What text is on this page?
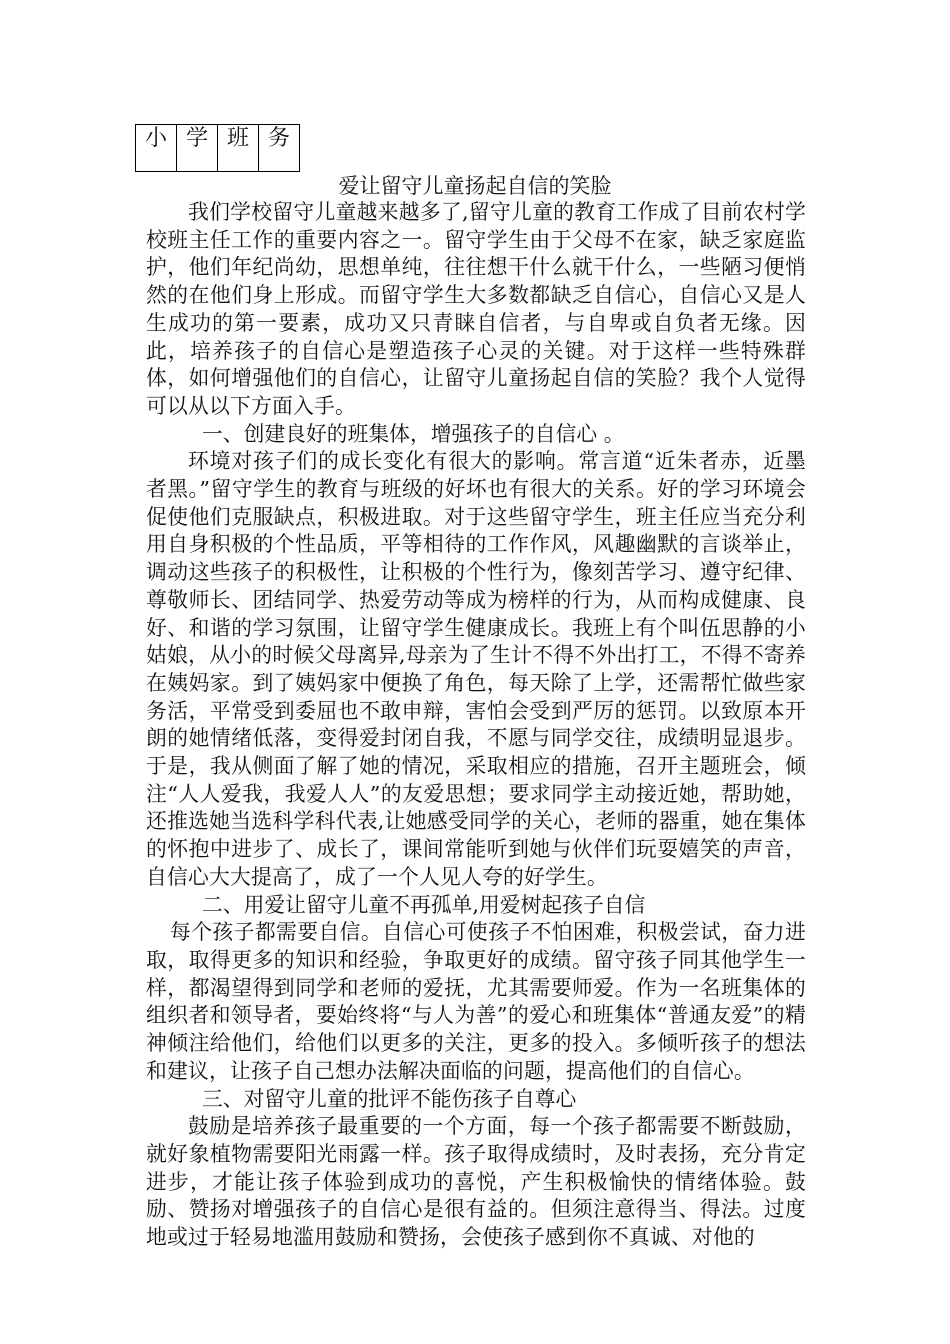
小	学	班	务
爱让留守儿童扬起自信的笑脸

我们学校留守儿童越来越多了,留守儿童的教育工作成了目前农村学校班主任工作的重要内容之一。留守学生由于父母不在家，缺乏家庭监护，他们年纪尚幼，思想单纯，往往想干什么就干什么，一些陋习便悄然的在他们身上形成。而留守学生大多数都缺乏自信心，自信心又是人生成功的第一要素，成功又只青睐自信者，与自卑或自负者无缘。因此，培养孩子的自信心是塑造孩子心灵的关键。对于这样一些特殊群体，如何增强他们的自信心，让留守儿童扬起自信的笑脸？我个人觉得可以从以下方面入手。

一、创建良好的班集体，增强孩子的自信心 。

环境对孩子们的成长变化有很大的影响。常言道“近朱者赤，近墨者黑。”留守学生的教育与班级的好坏也有很大的关系。好的学习环境会促使他们克服缺点，积极进取。对于这些留守学生，班主任应当充分利用自身积极的个性品质，平等相待的工作作风，风趣幽默的言谈举止，调动这些孩子的积极性，让积极的个性行为，像刻苦学习、遵守纪律、尊敬师长、团结同学、热爱劳动等成为榜样的行为，从而构成健康、良好、和谐的学习氛围，让留守学生健康成长。我班上有个叫伍思静的小姑娘，从小的时候父母离异,母亲为了生计不得不外出打工，不得不寄养在姨妈家。到了姨妈家中便换了角色，每天除了上学，还需帮忙做些家务活，平常受到委屈也不敢申辩，害怕会受到严厉的惩罚。以致原本开朗的她情绪低落，变得爱封闭自我，不愿与同学交往，成绩明显退步。于是，我从侧面了解了她的情况，采取相应的措施，召开主题班会，倾注“人人爱我，我爱人人”的友爱思想；要求同学主动接近她，帮助她，还推选她当选科学科代表,让她感受同学的关心，老师的器重，她在集体的怀抱中进步了、成长了，课间常能听到她与伙伴们玩耍嬉笑的声音，自信心大大提高了，成了一个人见人夸的好学生。

二、用爱让留守儿童不再孤单,用爱树起孩子自信

每个孩子都需要自信。自信心可使孩子不怕困难，积极尝试，奋力进取，取得更多的知识和经验，争取更好的成绩。留守孩子同其他学生一样，都渴望得到同学和老师的爱抚，尤其需要师爱。作为一名班集体的组织者和领导者，要始终将“与人为善”的爱心和班集体“普通友爱”的精神倾注给他们，给他们以更多的关注，更多的投入。多倾听孩子的想法和建议，让孩子自己想办法解决面临的问题，提高他们的自信心。

三、对留守儿童的批评不能伤孩子自尊心

鼓励是培养孩子最重要的一个方面，每一个孩子都需要不断鼓励，就好象植物需要阳光雨露一样。孩子取得成绩时，及时表扬，充分肯定进步，才能让孩子体验到成功的喜悦，产生积极愉快的情绪体验。鼓励、赞扬对增强孩子的自信心是很有益的。但须注意得当、得法。过度地或过于轻易地滥用鼓励和赞扬，会使孩子感到你不真诚、对他的
